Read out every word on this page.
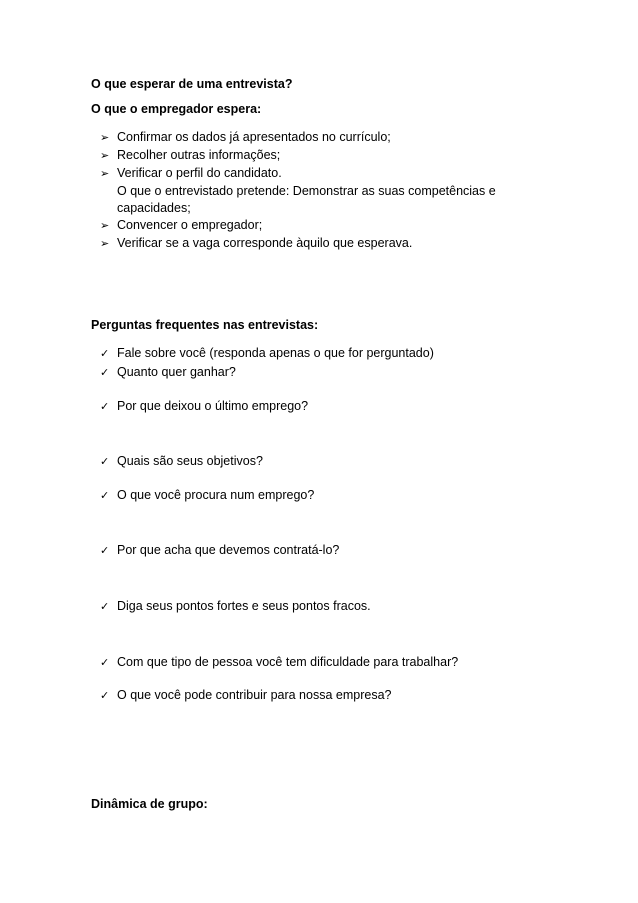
O que esperar de uma entrevista?
O que o empregador espera:
➢ Confirmar os dados já apresentados no currículo;
➢ Recolher outras informações;
➢ Verificar o perfil do candidato.
O que o entrevistado pretende: Demonstrar as suas competências e
capacidades;
➢ Convencer o empregador;
➢ Verificar se a vaga corresponde àquilo que esperava.
Perguntas frequentes nas entrevistas:
✓ Fale sobre você (responda apenas o que for perguntado)
✓ Quanto quer ganhar?
✓ Por que deixou o último emprego?
✓ Quais são seus objetivos?
✓ O que você procura num emprego?
✓ Por que acha que devemos contratá-lo?
✓ Diga seus pontos fortes e seus pontos fracos.
✓ Com que tipo de pessoa você tem dificuldade para trabalhar?
✓ O que você pode contribuir para nossa empresa?
Dinâmica de grupo:
